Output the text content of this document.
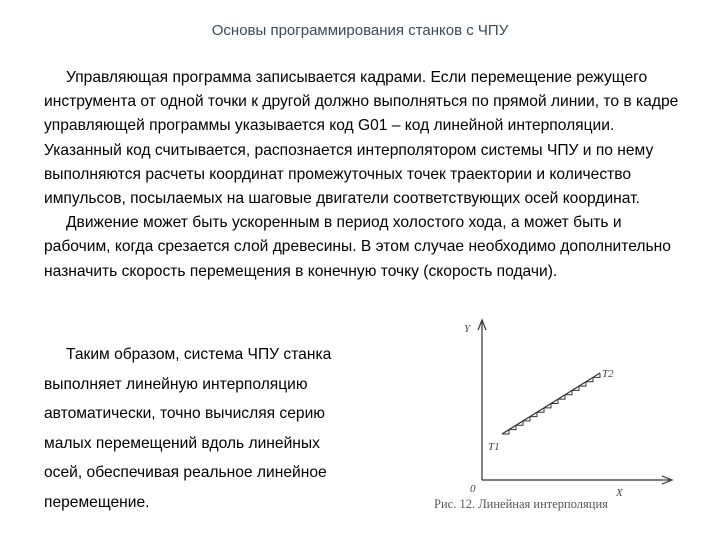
Основы программирования станков с ЧПУ

Управляющая программа записывается кадрами. Если перемещение режущего инструмента от одной точки к другой должно выполняться по прямой линии, то в кадре управляющей программы указывается код G01 – код линейной интерполяции. Указанный код считывается, распознается интерполятором системы ЧПУ и по нему выполняются расчеты координат промежуточных точек траектории и количество импульсов, посылаемых на шаговые двигатели соответствующих осей координат.

Движение может быть ускоренным в период холостого хода, а может быть и рабочим, когда срезается слой древесины. В этом случае необходимо дополнительно назначить скорость перемещения в конечную точку (скорость подачи).

Таким образом, система ЧПУ станка
выполняет линейную интерполяцию
автоматически, точно вычисляя серию
малых перемещений вдоль линейных
осей, обеспечивая реальное линейное
перемещение.
Y
X
0
T1
T2
Рис. 12. Линейная интерполяция
